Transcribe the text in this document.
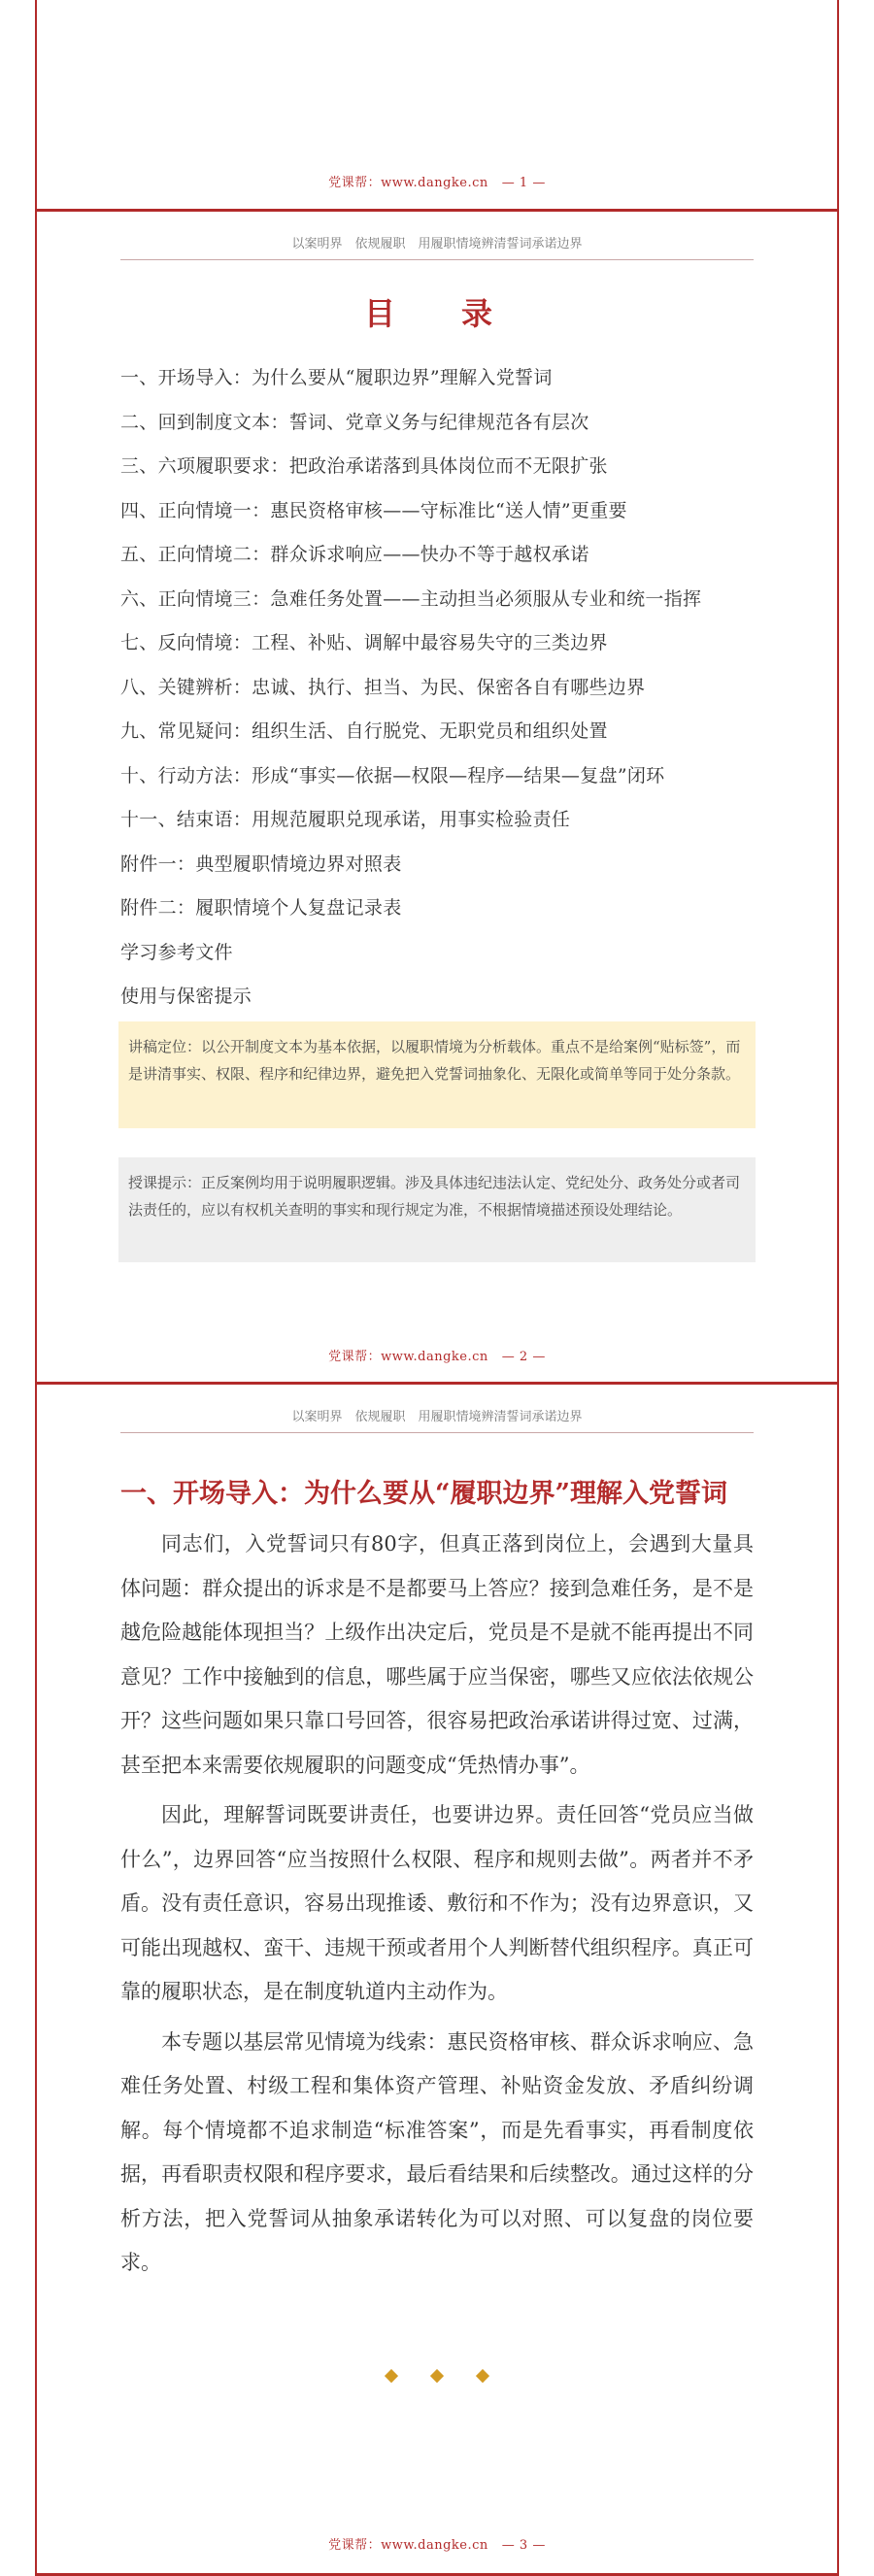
党课帮：www.dangke.cn — 1 —
以案明界　依规履职　用履职情境辨清誓词承诺边界
目　录
一、开场导入：为什么要从“履职边界”理解入党誓词
二、回到制度文本：誓词、党章义务与纪律规范各有层次
三、六项履职要求：把政治承诺落到具体岗位而不无限扩张
四、正向情境一：惠民资格审核——守标准比“送人情”更重要
五、正向情境二：群众诉求响应——快办不等于越权承诺
六、正向情境三：急难任务处置——主动担当必须服从专业和统一指挥
七、反向情境：工程、补贴、调解中最容易失守的三类边界
八、关键辨析：忠诚、执行、担当、为民、保密各自有哪些边界
九、常见疑问：组织生活、自行脱党、无职党员和组织处置
十、行动方法：形成“事实—依据—权限—程序—结果—复盘”闭环
十一、结束语：用规范履职兑现承诺，用事实检验责任
附件一：典型履职情境边界对照表
附件二：履职情境个人复盘记录表
学习参考文件
使用与保密提示
讲稿定位：以公开制度文本为基本依据，以履职情境为分析载体。重点不是给案例“贴标签”，而是讲清事实、权限、程序和纪律边界，避免把入党誓词抽象化、无限化或简单等同于处分条款。
授课提示：正反案例均用于说明履职逻辑。涉及具体违纪违法认定、党纪处分、政务处分或者司法责任的，应以有权机关查明的事实和现行规定为准，不根据情境描述预设处理结论。
党课帮：www.dangke.cn — 2 —
以案明界　依规履职　用履职情境辨清誓词承诺边界
一、开场导入：为什么要从“履职边界”理解入党誓词

同志们，入党誓词只有80字，但真正落到岗位上，会遇到大量具体问题：群众提出的诉求是不是都要马上答应？接到急难任务，是不是越危险越能体现担当？上级作出决定后，党员是不是就不能再提出不同意见？工作中接触到的信息，哪些属于应当保密，哪些又应依法依规公开？这些问题如果只靠口号回答，很容易把政治承诺讲得过宽、过满，甚至把本来需要依规履职的问题变成“凭热情办事”。

因此，理解誓词既要讲责任，也要讲边界。责任回答“党员应当做什么”，边界回答“应当按照什么权限、程序和规则去做”。两者并不矛盾。没有责任意识，容易出现推诿、敷衍和不作为；没有边界意识，又可能出现越权、蛮干、违规干预或者用个人判断替代组织程序。真正可靠的履职状态，是在制度轨道内主动作为。

本专题以基层常见情境为线索：惠民资格审核、群众诉求响应、急难任务处置、村级工程和集体资产管理、补贴资金发放、矛盾纠纷调解。每个情境都不追求制造“标准答案”，而是先看事实，再看制度依据，再看职责权限和程序要求，最后看结果和后续整改。通过这样的分析方法，把入党誓词从抽象承诺转化为可以对照、可以复盘的岗位要求。

党课帮：www.dangke.cn — 3 —
